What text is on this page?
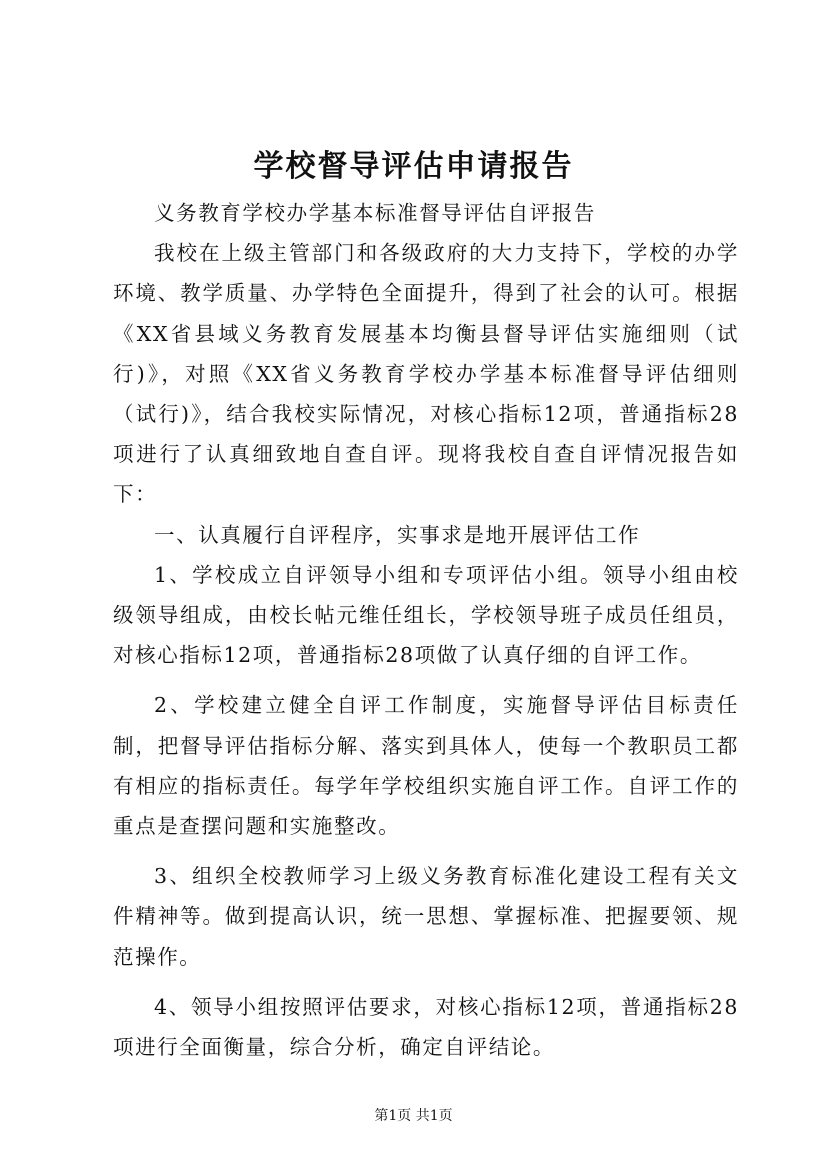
学校督导评估申请报告

义务教育学校办学基本标准督导评估自评报告

我校在上级主管部门和各级政府的大力支持下，学校的办学环境、教学质量、办学特色全面提升，得到了社会的认可。根据《XX省县域义务教育发展基本均衡县督导评估实施细则（试行)》，对照《XX省义务教育学校办学基本标准督导评估细则（试行)》，结合我校实际情况，对核心指标12项，普通指标28项进行了认真细致地自查自评。现将我校自查自评情况报告如下：

一、认真履行自评程序，实事求是地开展评估工作

1、学校成立自评领导小组和专项评估小组。领导小组由校级领导组成，由校长帖元维任组长，学校领导班子成员任组员，对核心指标12项，普通指标28项做了认真仔细的自评工作。

2、学校建立健全自评工作制度，实施督导评估目标责任制，把督导评估指标分解、落实到具体人，使每一个教职员工都有相应的指标责任。每学年学校组织实施自评工作。自评工作的重点是查摆问题和实施整改。

3、组织全校教师学习上级义务教育标准化建设工程有关文件精神等。做到提高认识，统一思想、掌握标准、把握要领、规范操作。

4、领导小组按照评估要求，对核心指标12项，普通指标28项进行全面衡量，综合分析，确定自评结论。

第1页 共1页
